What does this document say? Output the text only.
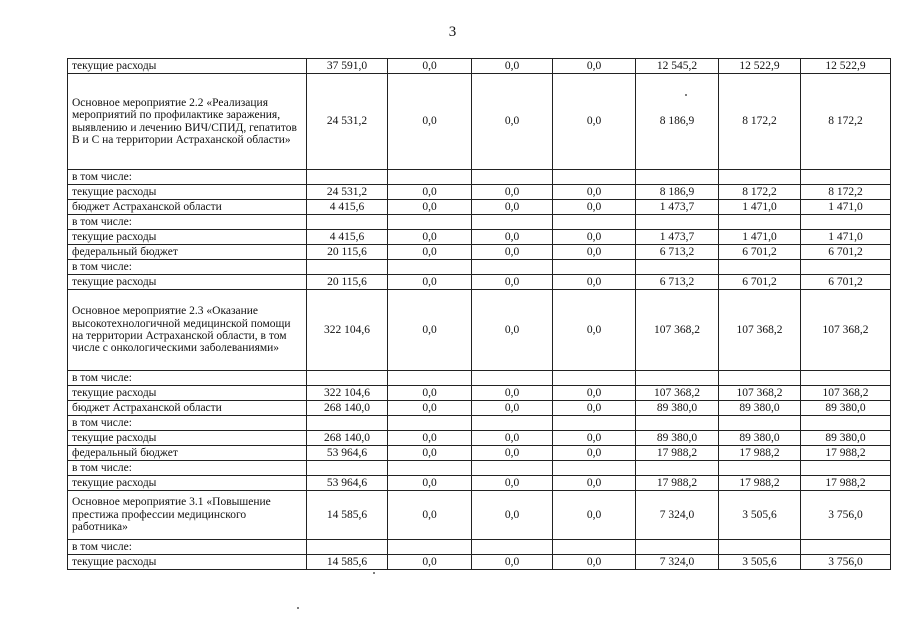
3
текущие расходы	37 591,0	0,0	0,0	0,0	12 545,2	12 522,9	12 522,9
Основное мероприятие 2.2 «Реализация мероприятий по профилактике заражения, выявлению и лечению ВИЧ/СПИД, гепатитов В и С на территории Астраханской области»	24 531,2	0,0	0,0	0,0	8 186,9	8 172,2	8 172,2
в том числе:							
текущие расходы	24 531,2	0,0	0,0	0,0	8 186,9	8 172,2	8 172,2
бюджет Астраханской области	4 415,6	0,0	0,0	0,0	1 473,7	1 471,0	1 471,0
в том числе:							
текущие расходы	4 415,6	0,0	0,0	0,0	1 473,7	1 471,0	1 471,0
федеральный бюджет	20 115,6	0,0	0,0	0,0	6 713,2	6 701,2	6 701,2
в том числе:							
текущие расходы	20 115,6	0,0	0,0	0,0	6 713,2	6 701,2	6 701,2
Основное мероприятие 2.3 «Оказание высокотехнологичной медицинской помощи на территории Астраханской области, в том числе с онкологическими заболеваниями»	322 104,6	0,0	0,0	0,0	107 368,2	107 368,2	107 368,2
в том числе:							
текущие расходы	322 104,6	0,0	0,0	0,0	107 368,2	107 368,2	107 368,2
бюджет Астраханской области	268 140,0	0,0	0,0	0,0	89 380,0	89 380,0	89 380,0
в том числе:							
текущие расходы	268 140,0	0,0	0,0	0,0	89 380,0	89 380,0	89 380,0
федеральный бюджет	53 964,6	0,0	0,0	0,0	17 988,2	17 988,2	17 988,2
в том числе:							
текущие расходы	53 964,6	0,0	0,0	0,0	17 988,2	17 988,2	17 988,2
Основное мероприятие 3.1 «Повышение престижа профессии медицинского работника»	14 585,6	0,0	0,0	0,0	7 324,0	3 505,6	3 756,0
в том числе:							
текущие расходы	14 585,6	0,0	0,0	0,0	7 324,0	3 505,6	3 756,0
